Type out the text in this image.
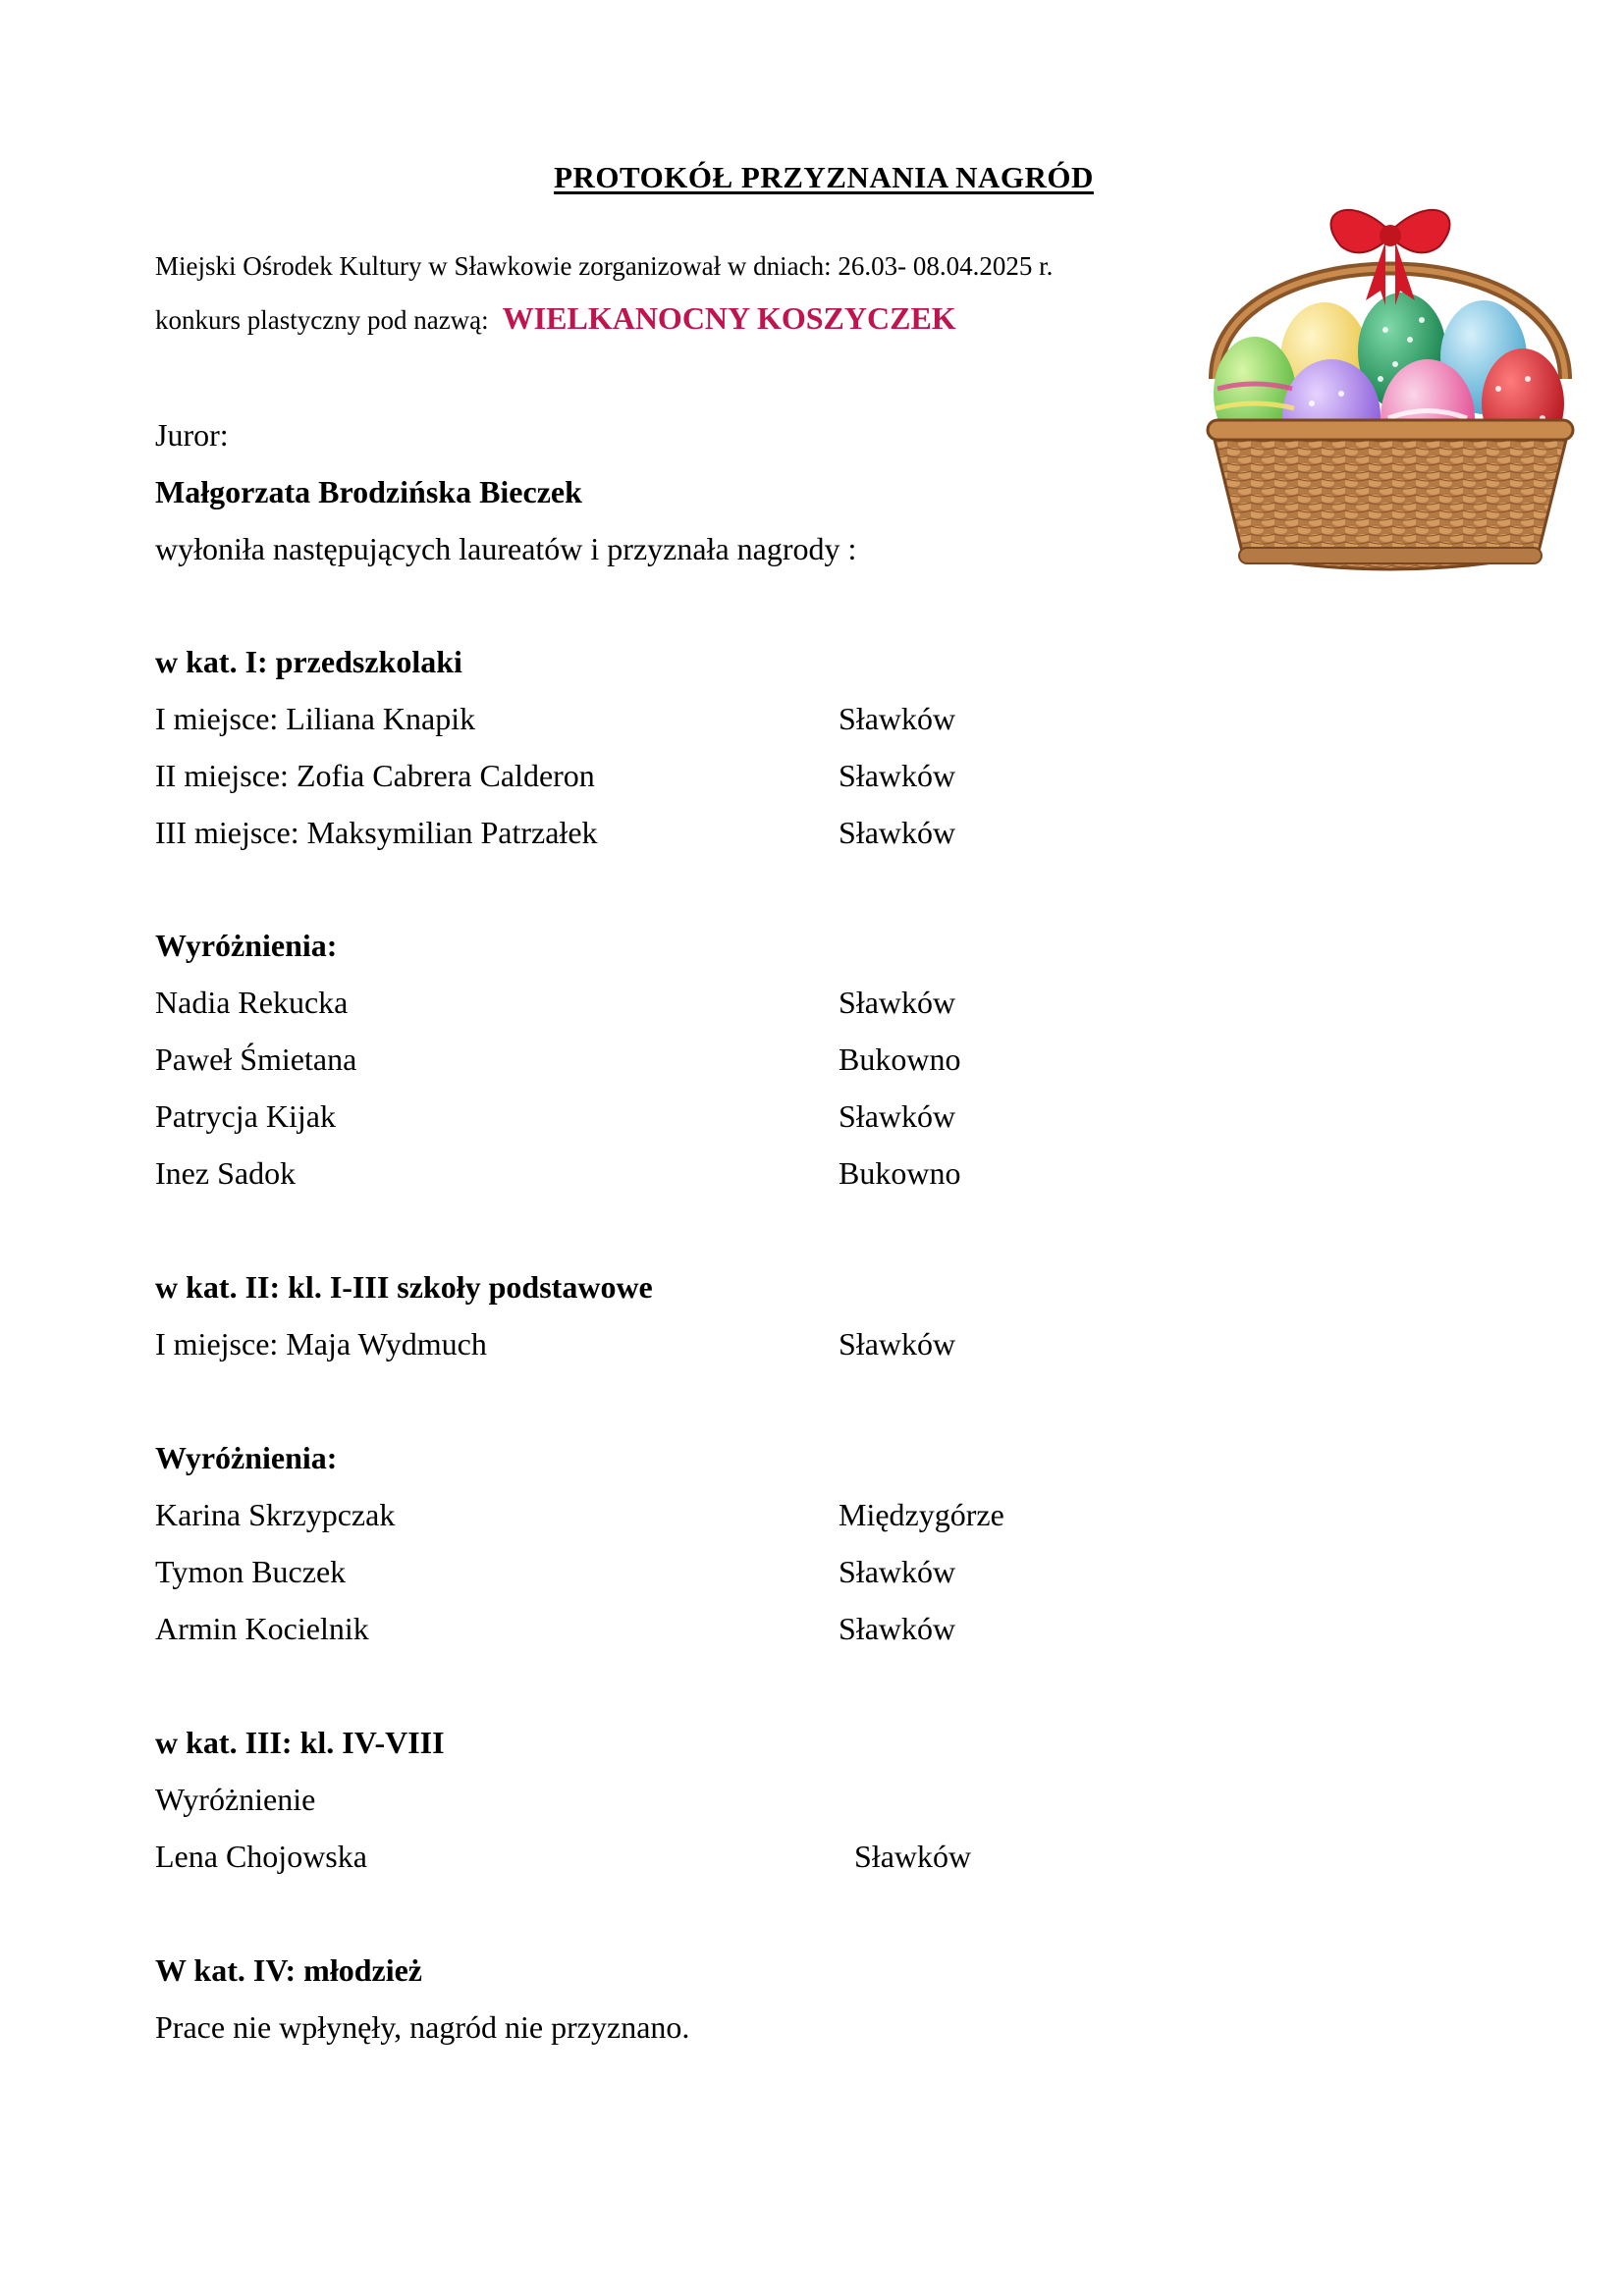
PROTOKÓŁ PRZYZNANIA NAGRÓD
Miejski Ośrodek Kultury w Sławkowie zorganizował w dniach: 26.03- 08.04.2025 r.
konkurs plastyczny pod nazwą: WIELKANOCNY KOSZYCZEK
Juror:
Małgorzata Brodzińska Bieczek
wyłoniła następujących laureatów i przyznała nagrody :
w kat. I: przedszkolaki
I miejsce: Liliana Knapik	Sławków
II miejsce: Zofia Cabrera Calderon	Sławków
III miejsce: Maksymilian Patrzałek	Sławków
Wyróżnienia:
Nadia Rekucka	Sławków
Paweł Śmietana	Bukowno
Patrycja Kijak	Sławków
Inez Sadok	Bukowno
w kat. II: kl. I-III szkoły podstawowe
I miejsce: Maja Wydmuch	Sławków
Wyróżnienia:
Karina Skrzypczak	Międzygórze
Tymon Buczek	Sławków
Armin Kocielnik	Sławków
w kat. III: kl. IV-VIII
Wyróżnienie
Lena Chojowska	Sławków
W kat. IV: młodzież
Prace nie wpłynęły, nagród nie przyznano.
